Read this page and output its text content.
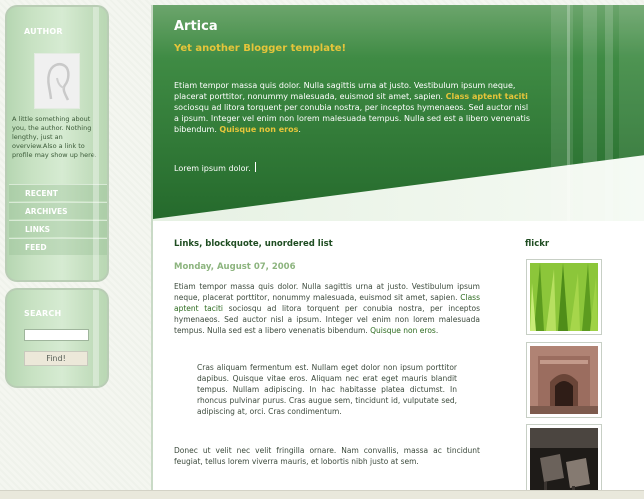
AUTHOR
A little something about you, the author. Nothing lengthy, just an overview.Also a link to profile may show up here.
RECENT
ARCHIVES
LINKS
FEED
SEARCH
Find!
Artica
Yet another Blogger template!
Etiam tempor massa quis dolor. Nulla sagittis urna at justo. Vestibulum ipsum neque, placerat porttitor, nonummy malesuada, euismod sit amet, sapien. Class aptent taciti sociosqu ad litora torquent per conubia nostra, per inceptos hymenaeos. Sed auctor nisl a ipsum. Integer vel enim non lorem malesuada tempus. Nulla sed est a libero venenatis bibendum. Quisque non eros.
Lorem ipsum dolor.
Links, blockquote, unordered list
Monday, August 07, 2006
Etiam tempor massa quis dolor. Nulla sagittis urna at justo. Vestibulum ipsum neque, placerat porttitor, nonummy malesuada, euismod sit amet, sapien. Class aptent taciti sociosqu ad litora torquent per conubia nostra, per inceptos hymenaeos. Sed auctor nisl a ipsum. Integer vel enim non lorem malesuada tempus. Nulla sed est a libero venenatis bibendum. Quisque non eros.
Cras aliquam fermentum est. Nullam eget dolor non ipsum porttitor dapibus. Quisque vitae eros. Aliquam nec erat eget mauris blandit tempus. Nullam adipiscing. In hac habitasse platea dictumst. In rhoncus pulvinar purus. Cras augue sem, tincidunt id, vulputate sed, adipiscing at, orci. Cras condimentum.
Donec ut velit nec velit fringilla ornare. Nam convallis, massa ac tincidunt feugiat, tellus lorem viverra mauris, et lobortis nibh justo at sem.
flickr
